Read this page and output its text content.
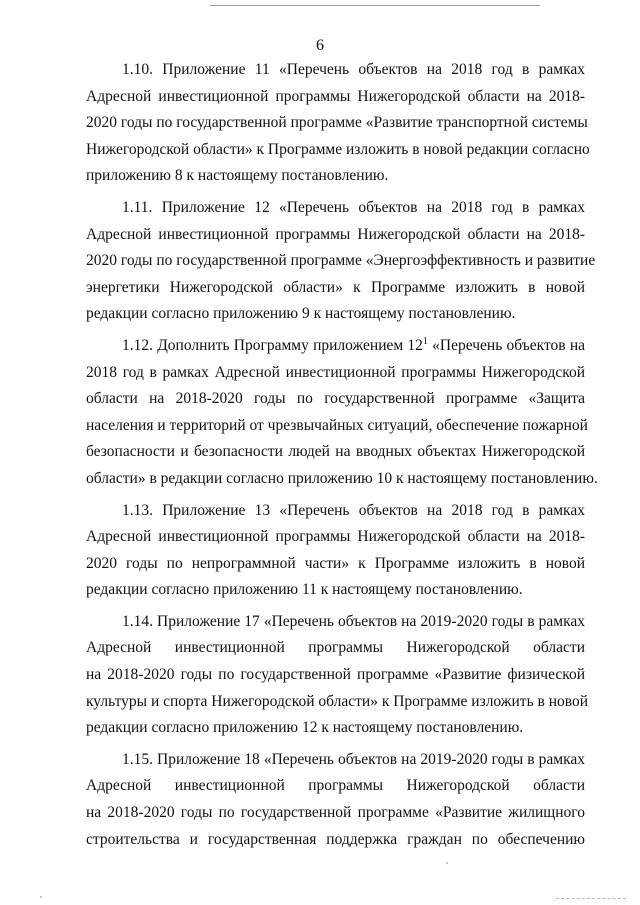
6

1.10. Приложение 11 «Перечень объектов на 2018 год в рамках
Адресной инвестиционной программы Нижегородской области на 2018-
2020 годы по государственной программе «Развитие транспортной системы
Нижегородской области» к Программе изложить в новой редакции согласно
приложению 8 к настоящему постановлению.

1.11. Приложение 12 «Перечень объектов на 2018 год в рамках
Адресной инвестиционной программы Нижегородской области на 2018-
2020 годы по государственной программе «Энергоэффективность и развитие
энергетики Нижегородской области» к Программе изложить в новой
редакции согласно приложению 9 к настоящему постановлению.

1.12. Дополнить Программу приложением $12^1$ «Перечень объектов на
2018 год в рамках Адресной инвестиционной программы Нижегородской
области на 2018-2020 годы по государственной программе «Защита
населения и территорий от чрезвычайных ситуаций, обеспечение пожарной
безопасности и безопасности людей на вводных объектах Нижегородской
области» в редакции согласно приложению 10 к настоящему постановлению.

1.13. Приложение 13 «Перечень объектов на 2018 год в рамках
Адресной инвестиционной программы Нижегородской области на 2018-
2020 годы по непрограммной части» к Программе изложить в новой
редакции согласно приложению 11 к настоящему постановлению.

1.14. Приложение 17 «Перечень объектов на 2019-2020 годы в рамках
Адресной инвестиционной программы Нижегородской области
на 2018-2020 годы по государственной программе «Развитие физической
культуры и спорта Нижегородской области» к Программе изложить в новой
редакции согласно приложению 12 к настоящему постановлению.

1.15. Приложение 18 «Перечень объектов на 2019-2020 годы в рамках
Адресной инвестиционной программы Нижегородской области
на 2018-2020 годы по государственной программе «Развитие жилищного
строительства и государственная поддержка граждан по обеспечению
